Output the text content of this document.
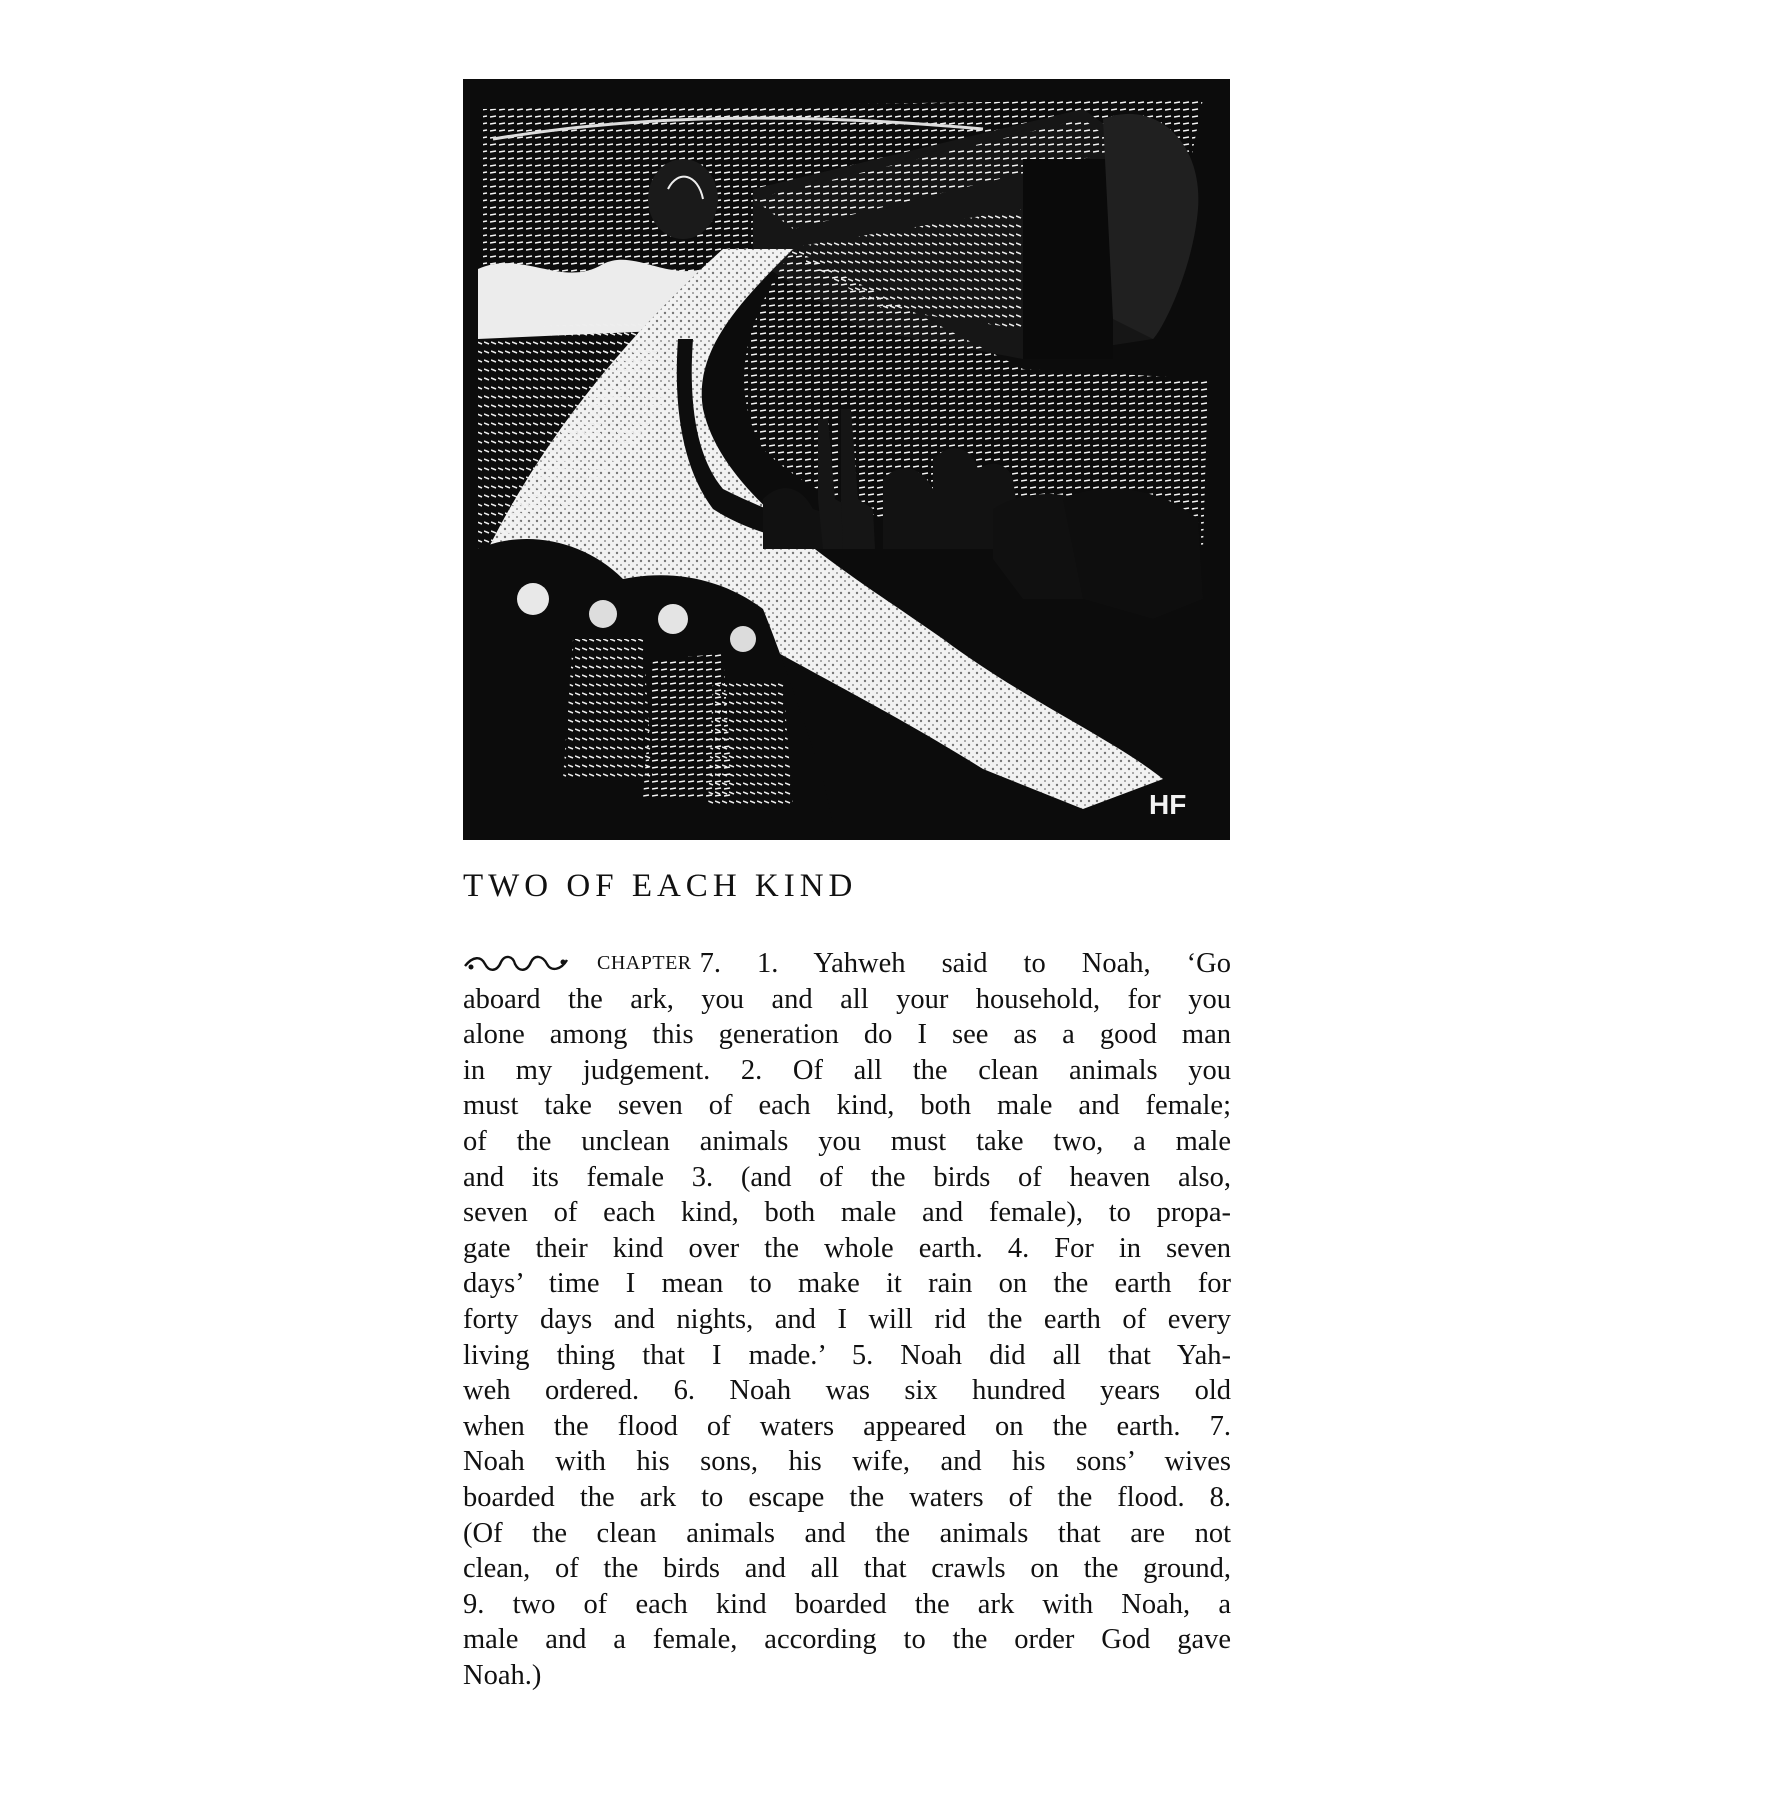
HF
TWO OF EACH KIND
CHAPTER 7. 1. Yahweh said to Noah, ‘Go
aboard the ark, you and all your household, for you
alone among this generation do I see as a good man
in my judgement. 2. Of all the clean animals you
must take seven of each kind, both male and female;
of the unclean animals you must take two, a male
and its female 3. (and of the birds of heaven also,
seven of each kind, both male and female), to propa-
gate their kind over the whole earth. 4. For in seven
days’ time I mean to make it rain on the earth for
forty days and nights, and I will rid the earth of every
living thing that I made.’ 5. Noah did all that Yah-
weh ordered. 6. Noah was six hundred years old
when the flood of waters appeared on the earth. 7.
Noah with his sons, his wife, and his sons’ wives
boarded the ark to escape the waters of the flood. 8.
(Of the clean animals and the animals that are not
clean, of the birds and all that crawls on the ground,
9. two of each kind boarded the ark with Noah, a
male and a female, according to the order God gave
Noah.)
